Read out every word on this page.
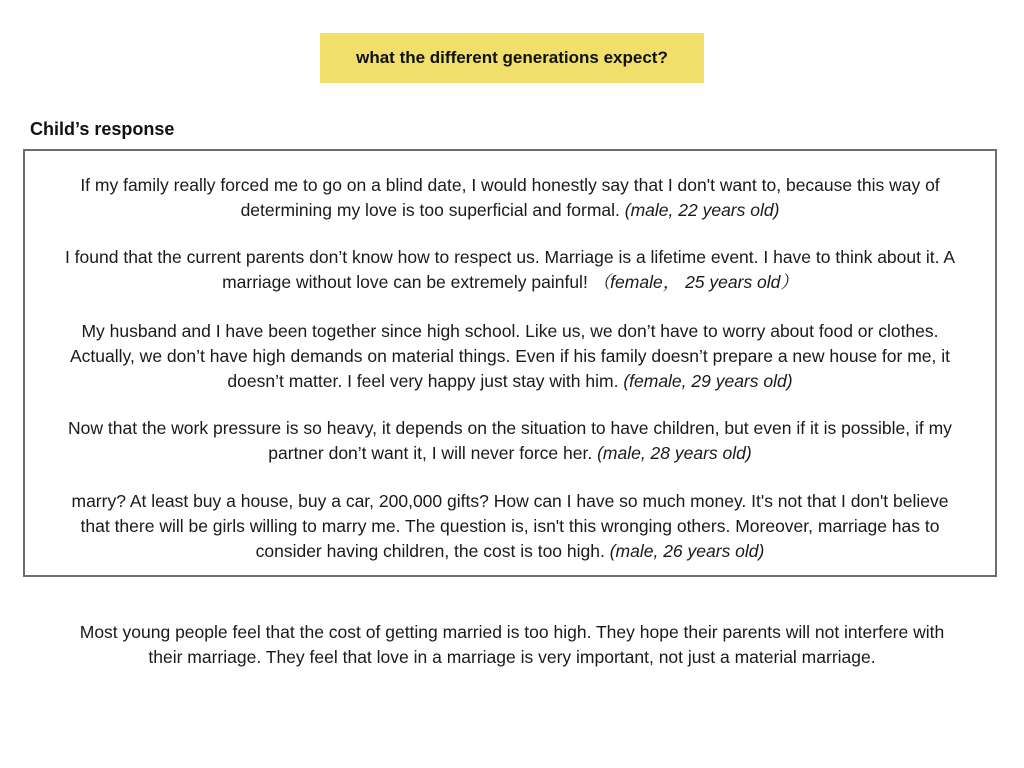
what the different generations expect?
Child’s response

If my family really forced me to go on a blind date, I would honestly say that I don't want to, because this way of determining my love is too superficial and formal. (male, 22 years old)

I found that the current parents don’t know how to respect us. Marriage is a lifetime event. I have to think about it. A marriage without love can be extremely painful! （female， 25 years old）

My husband and I have been together since high school. Like us, we don’t have to worry about food or clothes. Actually, we don’t have high demands on material things. Even if his family doesn’t prepare a new house for me, it doesn’t matter. I feel very happy just stay with him. (female, 29 years old)

Now that the work pressure is so heavy, it depends on the situation to have children, but even if it is possible, if my partner don’t want it, I will never force her. (male, 28 years old)

marry? At least buy a house, buy a car, 200,000 gifts? How can I have so much money. It's not that I don't believe that there will be girls willing to marry me. The question is, isn't this wronging others. Moreover, marriage has to consider having children, the cost is too high. (male, 26 years old)

Most young people feel that the cost of getting married is too high. They hope their parents will not interfere with their marriage. They feel that love in a marriage is very important, not just a material marriage.
